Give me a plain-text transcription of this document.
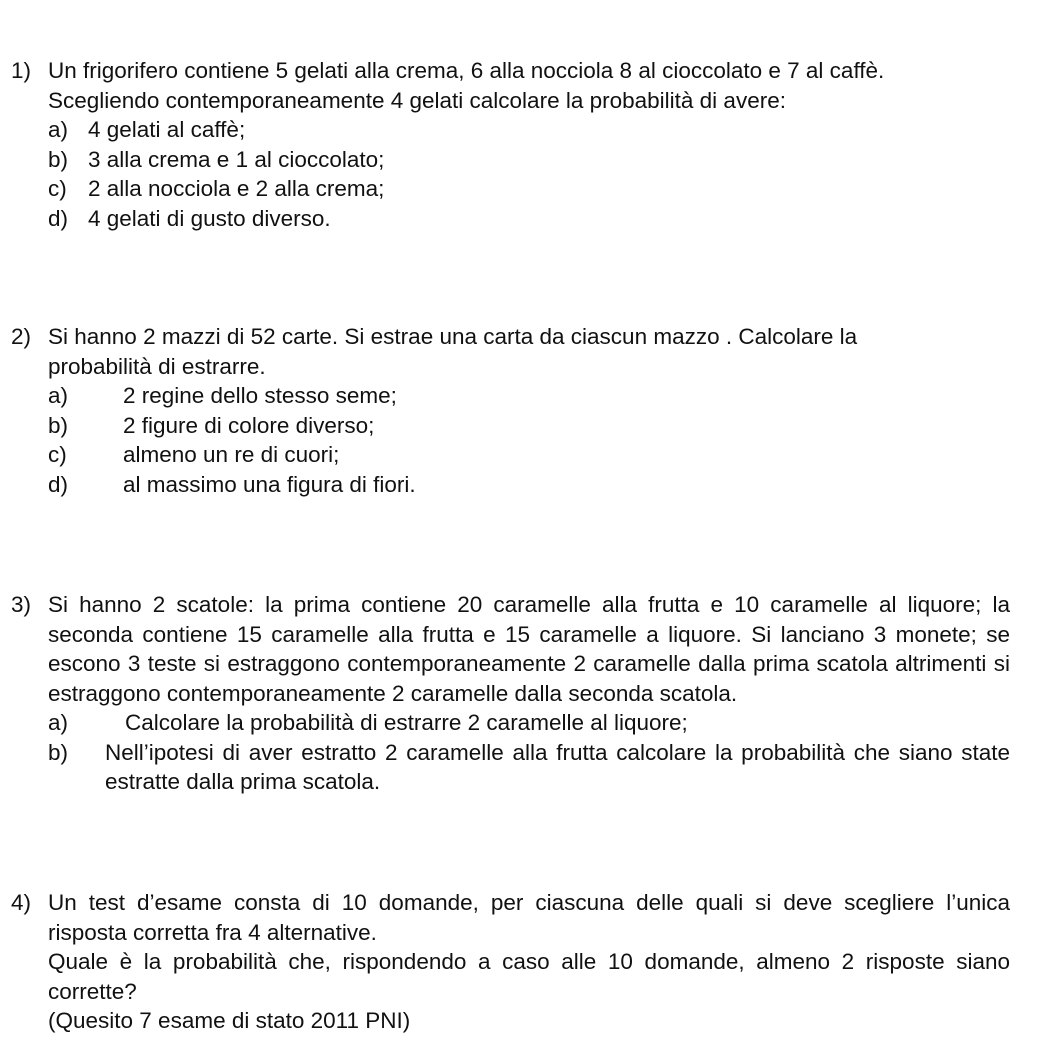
1) Un frigorifero contiene 5 gelati alla crema, 6 alla nocciola 8 al cioccolato e 7 al caffè.
Scegliendo contemporaneamente 4 gelati calcolare la probabilità di avere:
a) 4 gelati al caffè;
b) 3 alla crema e 1 al cioccolato;
c) 2 alla nocciola e 2 alla crema;
d) 4 gelati di gusto diverso.
2) Si hanno 2 mazzi di 52 carte. Si estrae una carta da ciascun mazzo . Calcolare la
probabilità di estrarre.
a)	2 regine dello stesso seme;
b)	2 figure di colore diverso;
c)	almeno un re di cuori;
d)	al massimo una figura di fiori.
3) Si hanno 2 scatole: la prima contiene 20 caramelle alla frutta e 10 caramelle al liquore; la seconda contiene 15 caramelle alla frutta e 15 caramelle a liquore. Si lanciano 3 monete; se escono 3 teste si estraggono contemporaneamente 2 caramelle dalla prima scatola altrimenti si estraggono contemporaneamente 2 caramelle dalla seconda scatola.
a)	Calcolare la probabilità di estrarre 2 caramelle al liquore;
b)	Nell’ipotesi di aver estratto 2 caramelle alla frutta calcolare la probabilità che siano state estratte dalla prima scatola.
4) Un test d’esame consta di 10 domande, per ciascuna delle quali si deve scegliere l’unica risposta corretta fra 4 alternative.
Quale è la probabilità che, rispondendo a caso alle 10 domande, almeno 2 risposte siano corrette?
(Quesito 7 esame di stato 2011 PNI)
